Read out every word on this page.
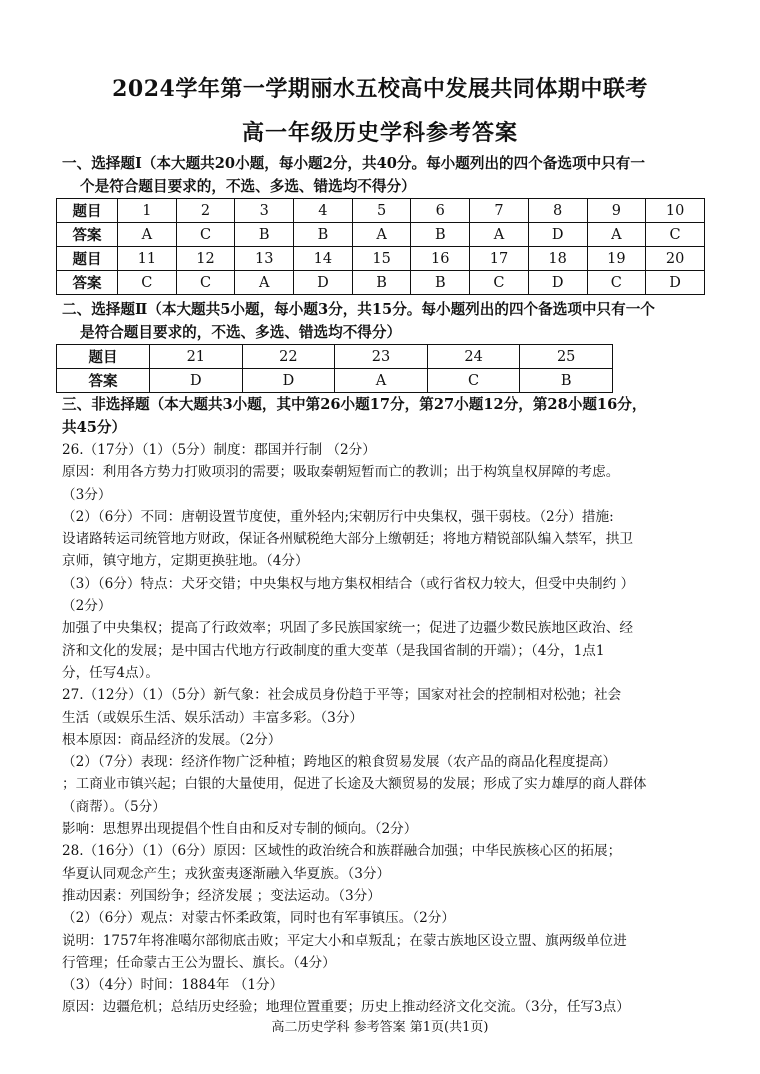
2024学年第一学期丽水五校高中发展共同体期中联考
高一年级历史学科参考答案
一、选择题Ⅰ（本大题共20小题，每小题2分，共40分。每小题列出的四个备选项中只有一
个是符合题目要求的，不选、多选、错选均不得分）
题目	1	2	3	4	5	6	7	8	9	10
答案	A	C	B	B	A	B	A	D	A	C
题目	11	12	13	14	15	16	17	18	19	20
答案	C	C	A	D	B	B	C	D	C	D
二、选择题Ⅱ（本大题共5小题，每小题3分，共15分。每小题列出的四个备选项中只有一个
是符合题目要求的，不选、多选、错选均不得分）
题目	21	22	23	24	25
答案	D	D	A	C	B
三、非选择题（本大题共3小题，其中第26小题17分，第27小题12分，第28小题16分，
共45分）

26.（17分）（1）（5分）制度：郡国并行制 （2分）

原因：利用各方势力打败项羽的需要；吸取秦朝短暂而亡的教训；出于构筑皇权屏障的考虑。

（3分）

（2）（6分）不同：唐朝设置节度使，重外轻内;宋朝厉行中央集权，强干弱枝。（2分）措施:

设诸路转运司统管地方财政，保证各州赋税绝大部分上缴朝廷；将地方精锐部队编入禁军，拱卫

京师，镇守地方，定期更换驻地。（4分）

（3）（6分）特点：犬牙交错；中央集权与地方集权相结合（或行省权力较大，但受中央制约 ）

（2分）

加强了中央集权；提高了行政效率；巩固了多民族国家统一；促进了边疆少数民族地区政治、经

济和文化的发展；是中国古代地方行政制度的重大变革（是我国省制的开端）；（4分，1点1

分，任写4点）。

27.（12分）（1）（5分）新气象：社会成员身份趋于平等；国家对社会的控制相对松弛；社会

生活（或娱乐生活、娱乐活动）丰富多彩。（3分）

根本原因：商品经济的发展。（2分）

（2）（7分）表现：经济作物广泛种植；跨地区的粮食贸易发展（农产品的商品化程度提高）

；工商业市镇兴起；白银的大量使用，促进了长途及大额贸易的发展；形成了实力雄厚的商人群体

（商帮）。（5分）

影响：思想界出现提倡个性自由和反对专制的倾向。（2分）

28.（16分）（1）（6分）原因：区域性的政治统合和族群融合加强；中华民族核心区的拓展；

华夏认同观念产生；戎狄蛮夷逐渐融入华夏族。（3分）

推动因素：列国纷争；经济发展 ；变法运动。（3分）

（2）（6分）观点：对蒙古怀柔政策，同时也有军事镇压。（2分）

说明：1757年将准噶尔部彻底击败；平定大小和卓叛乱；在蒙古族地区设立盟、旗两级单位进

行管理；任命蒙古王公为盟长、旗长。（4分）

（3）（4分）时间：1884年 （1分）

原因：边疆危机；总结历史经验；地理位置重要；历史上推动经济文化交流。（3分，任写3点）

高二历史学科 参考答案 第1页(共1页)
